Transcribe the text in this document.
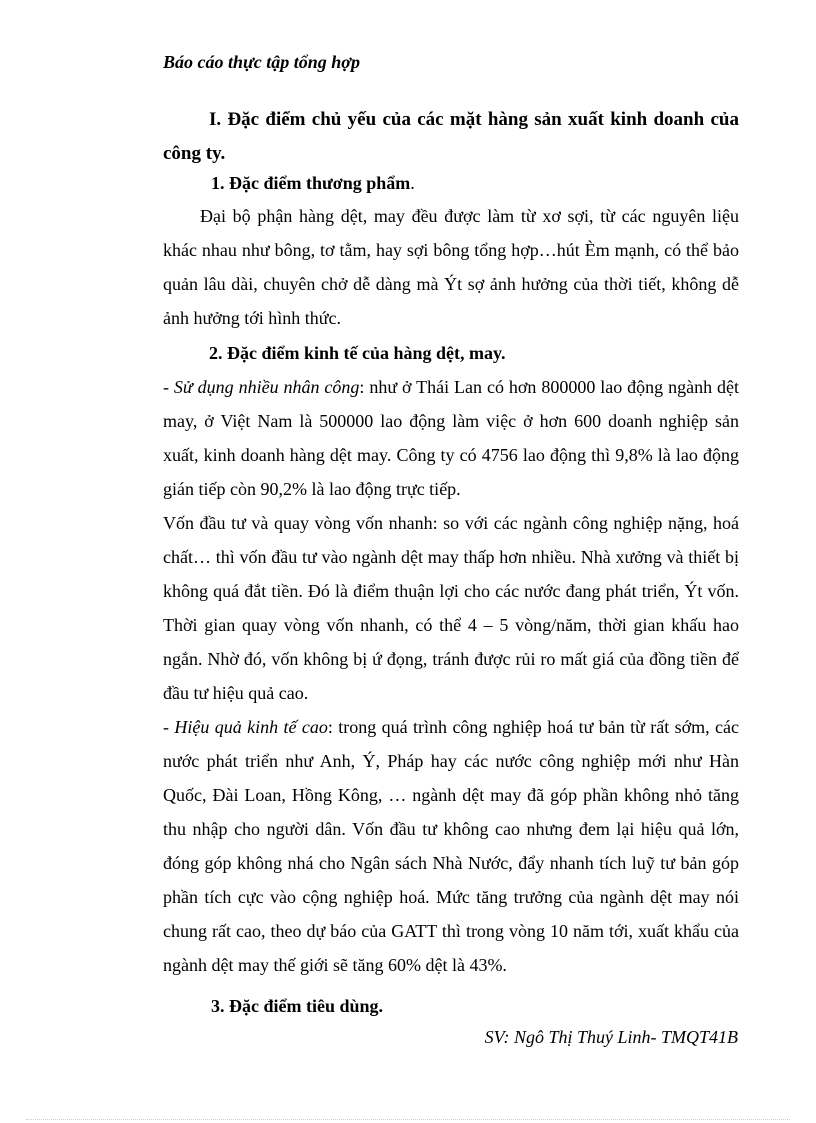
Báo cáo thực tập tổng hợp
I. Đặc điểm chủ yếu của các mặt hàng sản xuất kinh doanh của công ty.
1. Đặc điểm thương phẩm.
Đại bộ phận hàng dệt, may đều được làm từ xơ sợi, từ các nguyên liệu khác nhau như bông, tơ tằm, hay sợi bông tổng hợp…hút Èm mạnh, có thể bảo quản lâu dài, chuyên chở dễ dàng mà Ýt sợ ảnh hưởng của thời tiết, không dễ ảnh hưởng tới hình thức.
2. Đặc điểm kinh tế của hàng dệt, may.
- Sử dụng nhiều nhân công: như ở Thái Lan có hơn 800000 lao động ngành dệt may, ở Việt Nam là 500000 lao động làm việc ở hơn 600 doanh nghiệp sản xuất, kinh doanh hàng dệt may. Công ty có 4756 lao động thì 9,8% là lao động gián tiếp còn 90,2% là lao động trực tiếp.
Vốn đầu tư và quay vòng vốn nhanh: so với các ngành công nghiệp nặng, hoá chất… thì vốn đầu tư vào ngành dệt may thấp hơn nhiều. Nhà xưởng và thiết bị không quá đắt tiền. Đó là điểm thuận lợi cho các nước đang phát triển, Ýt vốn. Thời gian quay vòng vốn nhanh, có thể 4 – 5 vòng/năm, thời gian khấu hao ngắn. Nhờ đó, vốn không bị ứ đọng, tránh được rủi ro mất giá của đồng tiền để đầu tư hiệu quả cao.
- Hiệu quả kinh tế cao: trong quá trình công nghiệp hoá tư bản từ rất sớm, các nước phát triển như Anh, Ý, Pháp hay các nước công nghiệp mới như Hàn Quốc, Đài Loan, Hồng Kông, … ngành dệt may đã góp phần không nhỏ tăng thu nhập cho người dân. Vốn đầu tư không cao nhưng đem lại hiệu quả lớn, đóng góp không nhá cho Ngân sách Nhà Nước, đẩy nhanh tích luỹ tư bản góp phần tích cực vào cộng nghiệp hoá. Mức tăng trưởng của ngành dệt may nói chung rất cao, theo dự báo của GATT thì trong vòng 10 năm tới, xuất khẩu của ngành dệt may thế giới sẽ tăng 60% dệt là 43%.
3. Đặc điểm tiêu dùng.
SV: Ngô Thị Thuý Linh- TMQT41B
